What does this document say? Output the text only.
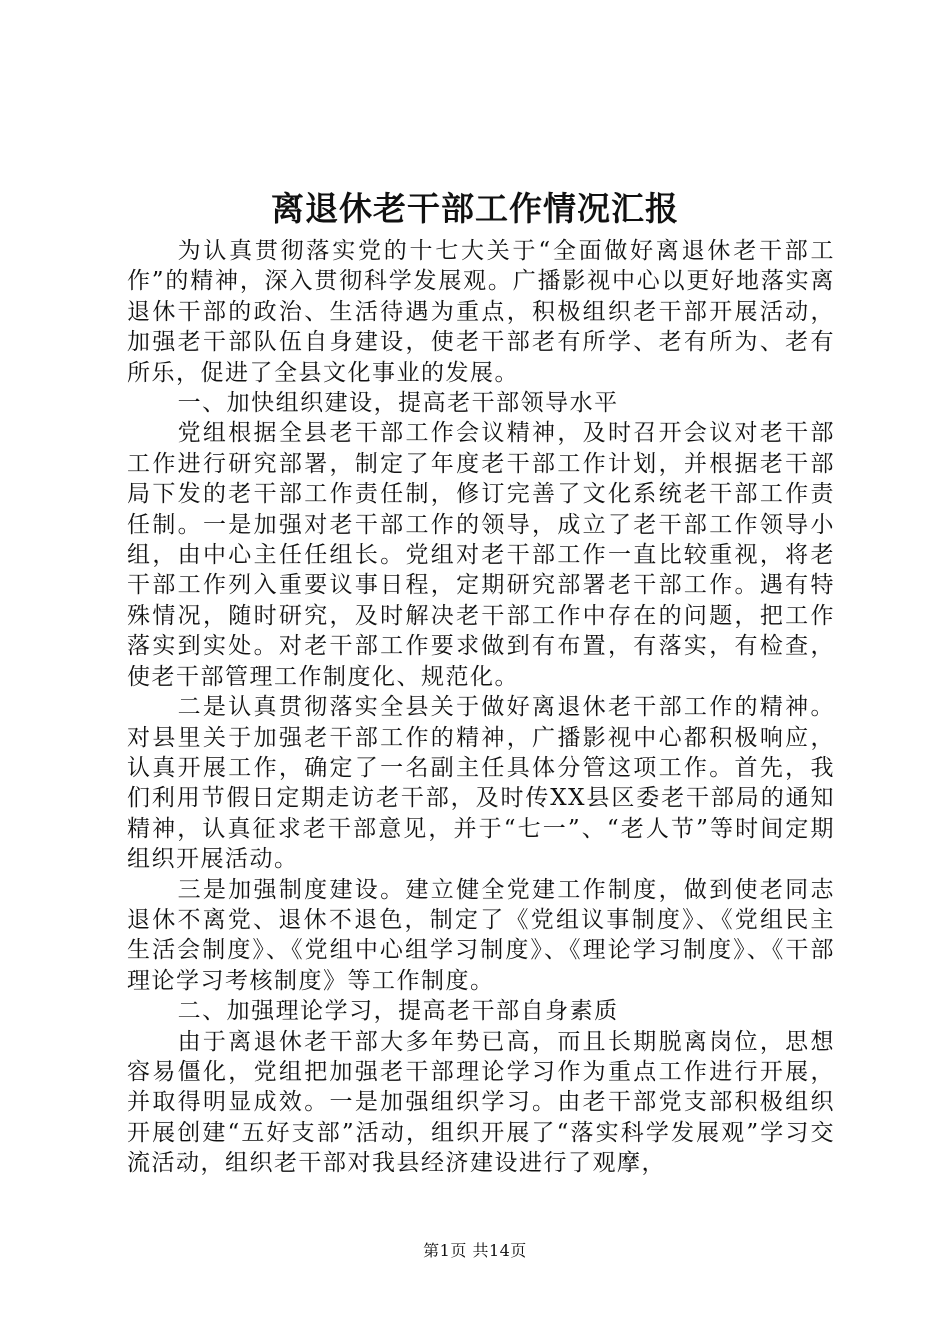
离退休老干部工作情况汇报

为认真贯彻落实党的十七大关于“全面做好离退休老干部工作”的精神，深入贯彻科学发展观。广播影视中心以更好地落实离退休干部的政治、生活待遇为重点，积极组织老干部开展活动，加强老干部队伍自身建设，使老干部老有所学、老有所为、老有所乐，促进了全县文化事业的发展。

一、加快组织建设，提高老干部领导水平

党组根据全县老干部工作会议精神，及时召开会议对老干部工作进行研究部署，制定了年度老干部工作计划，并根据老干部局下发的老干部工作责任制，修订完善了文化系统老干部工作责任制。一是加强对老干部工作的领导，成立了老干部工作领导小组，由中心主任任组长。党组对老干部工作一直比较重视，将老干部工作列入重要议事日程，定期研究部署老干部工作。遇有特殊情况，随时研究，及时解决老干部工作中存在的问题，把工作落实到实处。对老干部工作要求做到有布置，有落实，有检查，使老干部管理工作制度化、规范化。

二是认真贯彻落实全县关于做好离退休老干部工作的精神。对县里关于加强老干部工作的精神，广播影视中心都积极响应，认真开展工作，确定了一名副主任具体分管这项工作。首先，我们利用节假日定期走访老干部，及时传XX县区委老干部局的通知精神，认真征求老干部意见，并于“七一”、“老人节”等时间定期组织开展活动。

三是加强制度建设。建立健全党建工作制度，做到使老同志退休不离党、退休不退色，制定了《党组议事制度》、《党组民主生活会制度》、《党组中心组学习制度》、《理论学习制度》、《干部理论学习考核制度》等工作制度。

二、加强理论学习，提高老干部自身素质

由于离退休老干部大多年势已高，而且长期脱离岗位，思想容易僵化，党组把加强老干部理论学习作为重点工作进行开展，并取得明显成效。一是加强组织学习。由老干部党支部积极组织开展创建“五好支部”活动，组织开展了“落实科学发展观”学习交流活动，组织老干部对我县经济建设进行了观摩，

第1页 共14页
